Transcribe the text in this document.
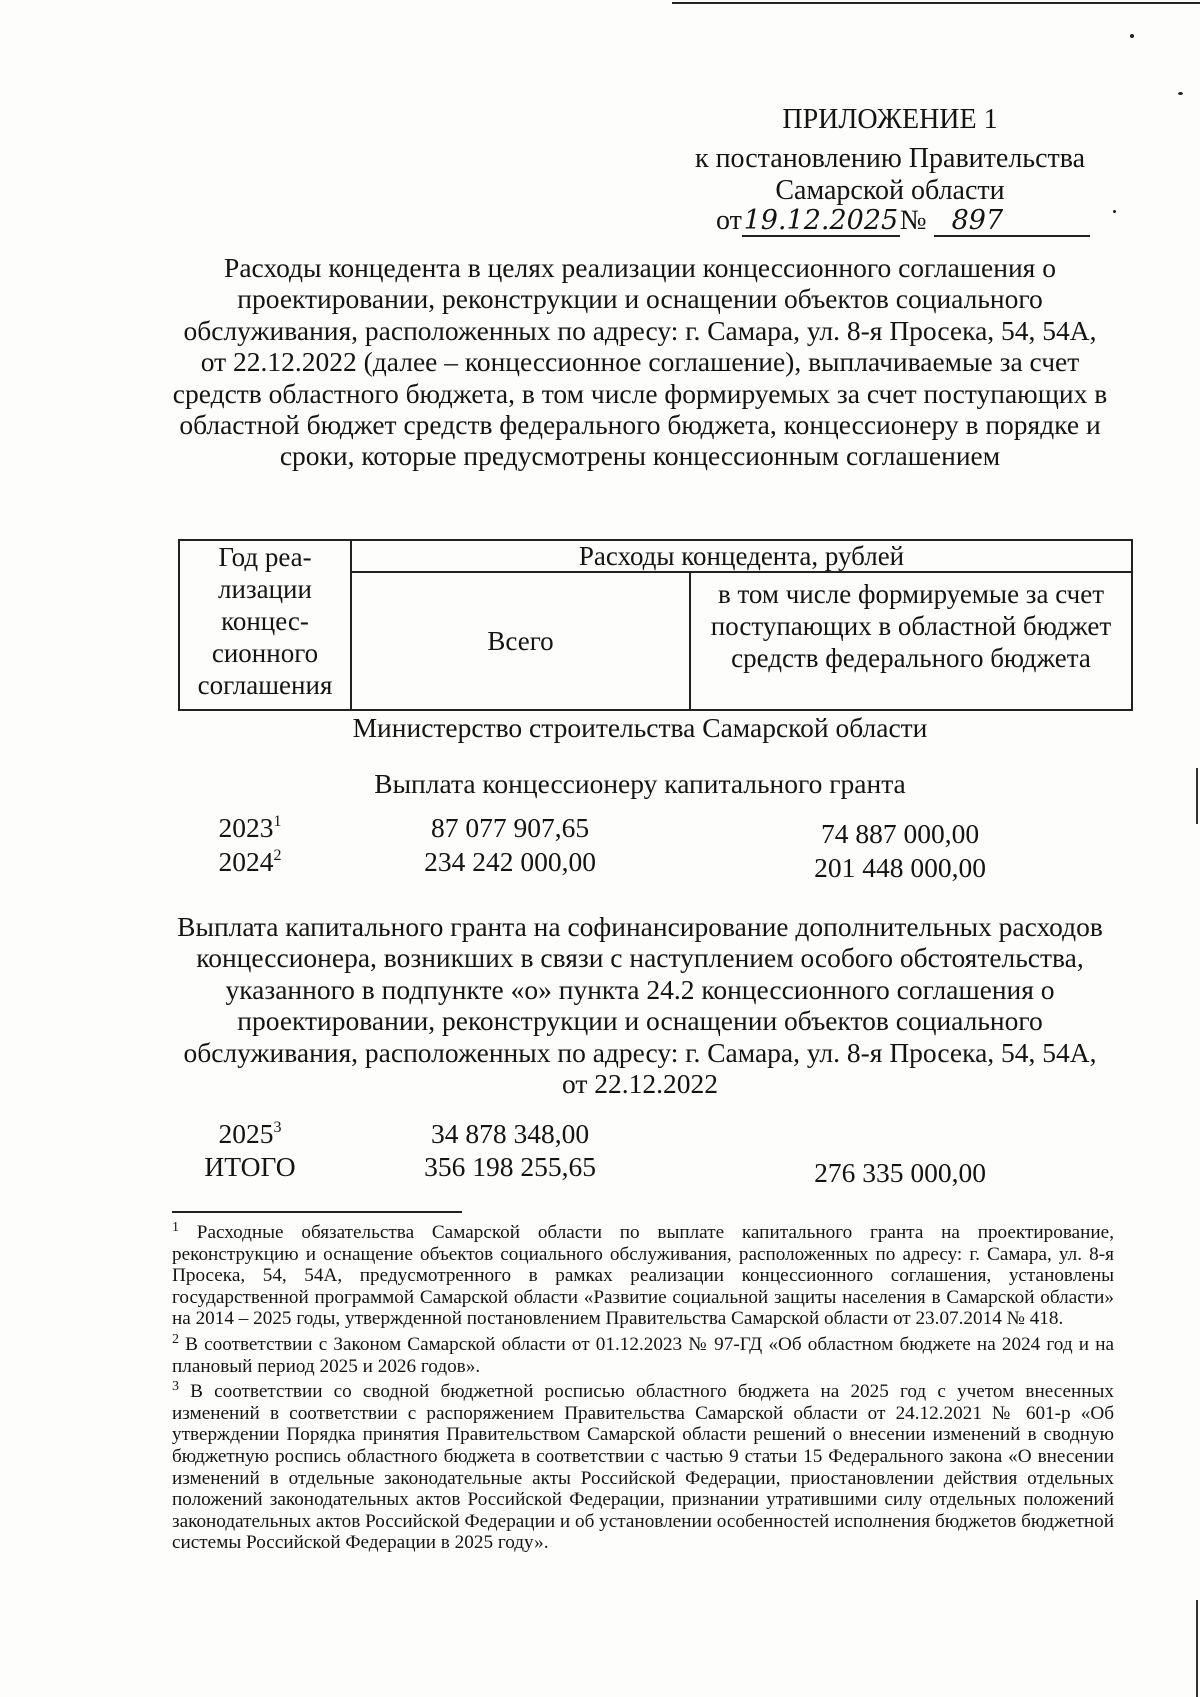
ПРИЛОЖЕНИЕ 1
к постановлению Правительства
Самарской области
от19.12.2025№ 897
Расходы концедента в целях реализации концессионного соглашения о проектировании, реконструкции и оснащении объектов социального обслуживания, расположенных по адресу: г. Самара, ул. 8-я Просека, 54, 54А, от 22.12.2022 (далее – концессионное соглашение), выплачиваемые за счет средств областного бюджета, в том числе формируемых за счет поступающих в областной бюджет средств федерального бюджета, концессионеру в порядке и сроки, которые предусмотрены концессионным соглашением
Год реа-
лизации
концес-
сионного
соглашения
Расходы концедента, рублей
Всего
в том числе формируемые за счет поступающих в областной бюджет средств федерального бюджета
Министерство строительства Самарской области
Выплата концессионеру капитального гранта
2023$^1$	87 077 907,65	74 887 000,00
2024$^2$	234 242 000,00	201 448 000,00
Выплата капитального гранта на софинансирование дополнительных расходов концессионера, возникших в связи с наступлением особого обстоятельства, указанного в подпункте «о» пункта 24.2 концессионного соглашения о проектировании, реконструкции и оснащении объектов социального обслуживания, расположенных по адресу: г. Самара, ул. 8-я Просека, 54, 54А, от 22.12.2022
2025$^3$	34 878 348,00
ИТОГО	356 198 255,65	276 335 000,00

$^1$ Расходные обязательства Самарской области по выплате капитального гранта на проектирование, реконструкцию и оснащение объектов социального обслуживания, расположенных по адресу: г. Самара, ул. 8-я Просека, 54, 54А, предусмотренного в рамках реализации концессионного соглашения, установлены государственной программой Самарской области «Развитие социальной защиты населения в Самарской области» на 2014 – 2025 годы, утвержденной постановлением Правительства Самарской области от 23.07.2014 № 418.

$^2$ В соответствии с Законом Самарской области от 01.12.2023 № 97-ГД «Об областном бюджете на 2024 год и на плановый период 2025 и 2026 годов».

$^3$ В соответствии со сводной бюджетной росписью областного бюджета на 2025 год с учетом внесенных изменений в соответствии с распоряжением Правительства Самарской области от 24.12.2021 № 601-р «Об утверждении Порядка принятия Правительством Самарской области решений о внесении изменений в сводную бюджетную роспись областного бюджета в соответствии с частью 9 статьи 15 Федерального закона «О внесении изменений в отдельные законодательные акты Российской Федерации, приостановлении действия отдельных положений законодательных актов Российской Федерации, признании утратившими силу отдельных положений законодательных актов Российской Федерации и об установлении особенностей исполнения бюджетов бюджетной системы Российской Федерации в 2025 году».
